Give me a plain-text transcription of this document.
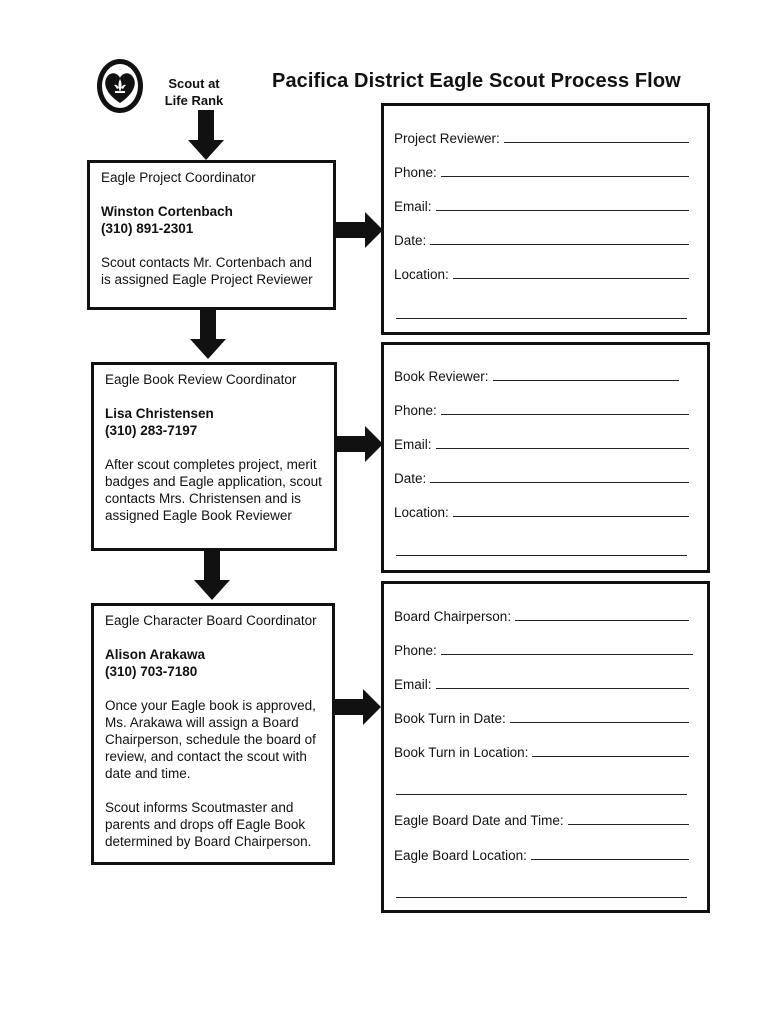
Scout at
Life Rank
Pacifica District Eagle Scout Process Flow
Eagle Project Coordinator
Winston Cortenbach
(310) 891-2301
Scout contacts Mr. Cortenbach and is assigned Eagle Project Reviewer
Eagle Book Review Coordinator
Lisa Christensen
(310) 283-7197
After scout completes project, merit badges and Eagle application, scout contacts Mrs. Christensen and is assigned Eagle Book Reviewer
Eagle Character Board Coordinator
Alison Arakawa
(310) 703-7180
Once your Eagle book is approved, Ms. Arakawa will assign a Board Chairperson, schedule the board of review, and contact the scout with date and time.
Scout informs Scoutmaster and parents and drops off Eagle Book determined by Board Chairperson.
Project Reviewer:
Phone:
Email:
Date:
Location:
Book Reviewer:
Phone:
Email:
Date:
Location:
Board Chairperson:
Phone:
Email:
Book Turn in Date:
Book Turn in Location:
Eagle Board Date and Time:
Eagle Board Location:
